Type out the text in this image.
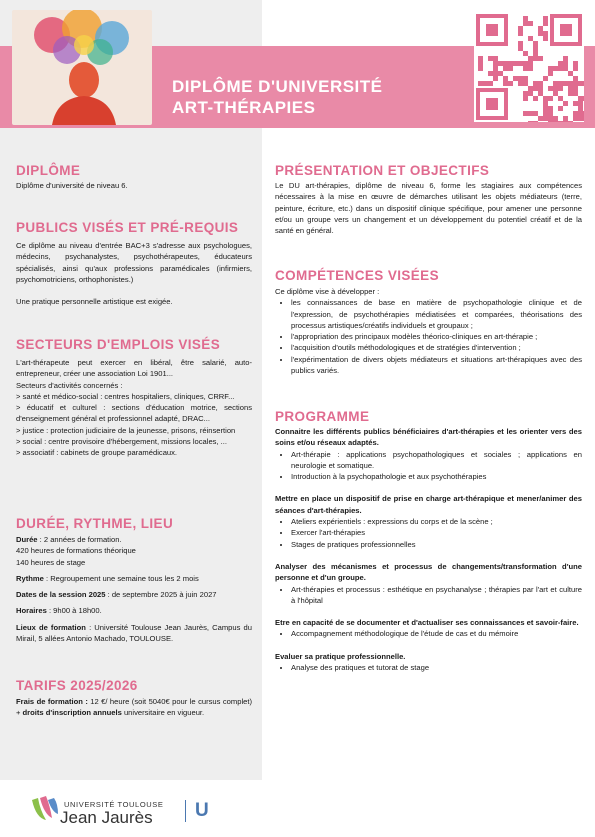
DIPLÔME D'UNIVERSITÉ
ART-THÉRAPIES
DIPLÔME

Diplôme d'université de niveau 6.

PUBLICS VISÉS ET PRÉ-REQUIS

Ce diplôme au niveau d'entrée BAC+3 s'adresse aux psychologues, médecins, psychanalystes, psychothérapeutes, éducateurs spécialisés, ainsi qu'aux professions paramédicales (infirmiers, psychomotriciens, orthophonistes.)

Une pratique personnelle artistique est exigée.

SECTEURS D'EMPLOIS VISÉS

L'art-thérapeute peut exercer en libéral, être salarié, auto-entrepreneur, créer une association Loi 1901...

Secteurs d'activités concernés :

> santé et médico-social : centres hospitaliers, cliniques, CRRF...

> éducatif et culturel : sections d'éducation motrice, sections d'enseignement général et professionnel adapté, DRAC...

> justice : protection judiciaire de la jeunesse, prisons, réinsertion

> social : centre provisoire d'hébergement, missions locales, ...

> associatif : cabinets de groupe paramédicaux.

DURÉE, RYTHME, LIEU

Durée : 2 années de formation.

420 heures de formations théorique

140 heures de stage

Rythme : Regroupement une semaine tous les 2 mois

Dates de la session 2025 : de septembre 2025 à juin 2027

Horaires : 9h00 à 18h00.

Lieux de formation : Université Toulouse Jean Jaurès, Campus du Mirail, 5 allées Antonio Machado, TOULOUSE.

TARIFS 2025/2026

Frais de formation : 12 €/ heure (soit 5040€ pour le cursus complet) + droits d'inscription annuels universitaire en vigueur.

PRÉSENTATION ET OBJECTIFS

Le DU art-thérapies, diplôme de niveau 6, forme les stagiaires aux compétences nécessaires à la mise en œuvre de démarches utilisant les objets médiateurs (terre, peinture, écriture, etc.) dans un dispositif clinique spécifique, pour amener une personne et/ou un groupe vers un changement et un développement du potentiel créatif et de la santé en général.

COMPÉTENCES VISÉES

Ce diplôme vise à développer :

• les connaissances de base en matière de psychopathologie clinique et de l'expression, de psychothérapies médiatisées et comparées, théorisations des processus artistiques/créatifs individuels et groupaux ;
• l'appropriation des principaux modèles théorico-cliniques en art-thérapie ;
• l'acquisition d'outils méthodologiques et de stratégies d'intervention ;
• l'expérimentation de divers objets médiateurs et situations art-thérapiques avec des publics variés.
PROGRAMME

Connaitre les différents publics bénéficiaires d'art-thérapies et les orienter vers des soins et/ou réseaux adaptés.

• Art-thérapie : applications psychopathologiques et sociales ; applications en neurologie et somatique.
• Introduction à la psychopathologie et aux psychothérapies

Mettre en place un dispositif de prise en charge art-thérapique et mener/animer des séances d'art-thérapies.

• Ateliers expérientiels : expressions du corps et de la scène ;
• Exercer l'art-thérapies
• Stages de pratiques professionnelles

Analyser des mécanismes et processus de changements/transformation d'une personne et d'un groupe.

• Art-thérapies et processus : esthétique en psychanalyse ; thérapies par l'art et culture à l'hôpital

Etre en capacité de se documenter et d'actualiser ses connaissances et savoir-faire.

• Accompagnement méthodologique de l'étude de cas et du mémoire

Evaluer sa pratique professionnelle.

• Analyse des pratiques et tutorat de stage
UNIVERSITÉ TOULOUSE
Jean Jaurès U
